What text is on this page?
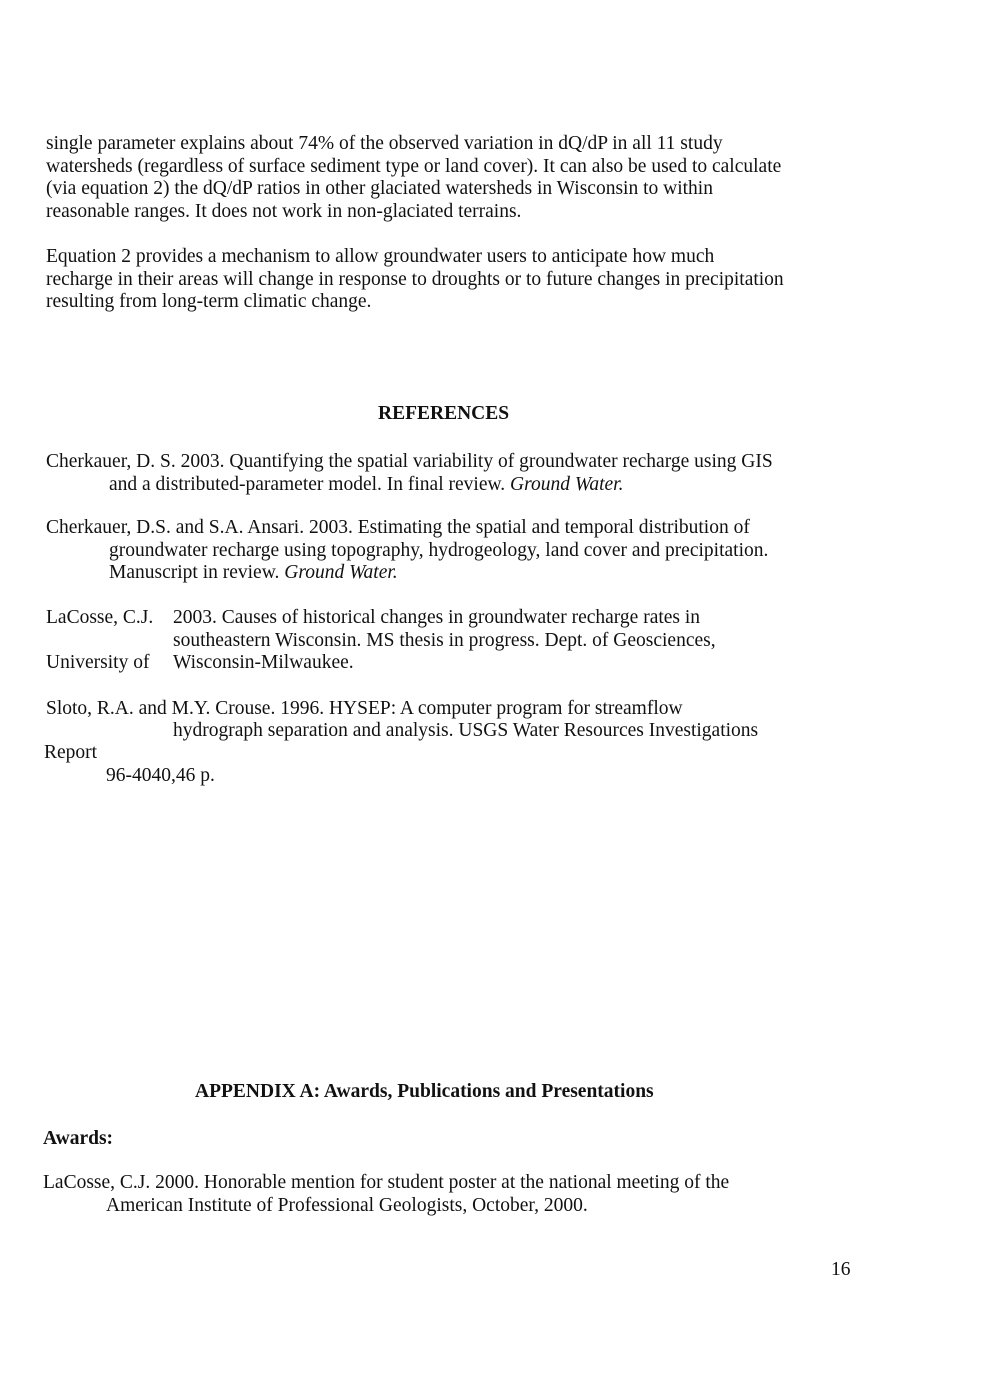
single parameter explains about 74% of the observed variation in dQ/dP in all 11 study
watersheds (regardless of surface sediment type or land cover). It can also be used to calculate
(via equation 2) the dQ/dP ratios in other glaciated watersheds in Wisconsin to within
reasonable ranges. It does not work in non-glaciated terrains.
Equation 2 provides a mechanism to allow groundwater users to anticipate how much
recharge in their areas will change in response to droughts or to future changes in precipitation
resulting from long-term climatic change.
REFERENCES
Cherkauer, D. S. 2003. Quantifying the spatial variability of groundwater recharge using GIS
and a distributed-parameter model. In final review. Ground Water.
Cherkauer, D.S. and S.A. Ansari. 2003. Estimating the spatial and temporal distribution of
groundwater recharge using topography, hydrogeology, land cover and precipitation.
Manuscript in review. Ground Water.
LaCosse, C.J. 2003. Causes of historical changes in groundwater recharge rates in
southeastern Wisconsin. MS thesis in progress. Dept. of Geosciences,
University of Wisconsin-Milwaukee.
Sloto, R.A. and M.Y. Crouse. 1996. HYSEP: A computer program for streamflow
hydrograph separation and analysis. USGS Water Resources Investigations
Report
96-4040,46 p.
APPENDIX A: Awards, Publications and Presentations
Awards:
LaCosse, C.J. 2000. Honorable mention for student poster at the national meeting of the
American Institute of Professional Geologists, October, 2000.
16
